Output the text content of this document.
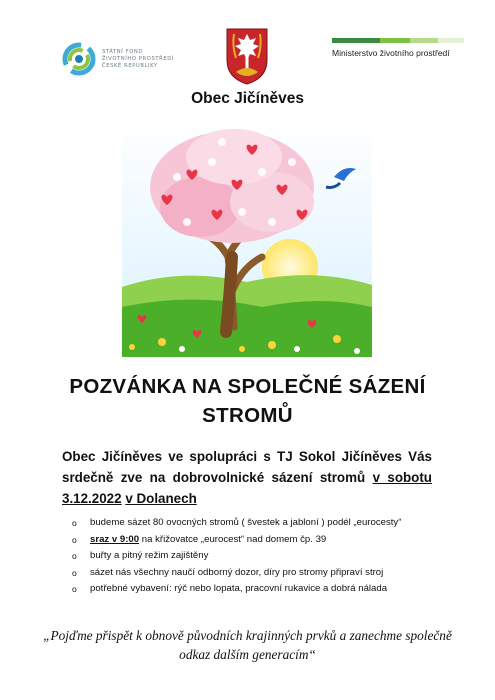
STÁTNÍ FOND
ŽIVOTNÍHO PROSTŘEDÍ
ČESKÉ REPUBLIKY
Ministerstvo životního prostředí
Obec Jičíněves
POZVÁNKA NA SPOLEČNÉ SÁZENÍ
STROMŮ
Obec Jičíněves ve spolupráci s TJ Sokol Jičíněves Vás srdečně zve na dobrovolnické sázení stromů v sobotu 3.12.2022 v Dolanech
o budeme sázet 80 ovocných stromů ( švestek a jabloní ) podél „eurocesty“
o sraz v 9:00 na křižovatce „eurocest“ nad domem čp. 39
o buřty a pitný režim zajištěny
o sázet nás všechny naučí odborný dozor, díry pro stromy připraví stroj
o potřebné vybavení: rýč nebo lopata, pracovní rukavice a dobrá nálada
„Pojďme přispět k obnově původních krajinných prvků a zanechme společně odkaz dalším generacím“
